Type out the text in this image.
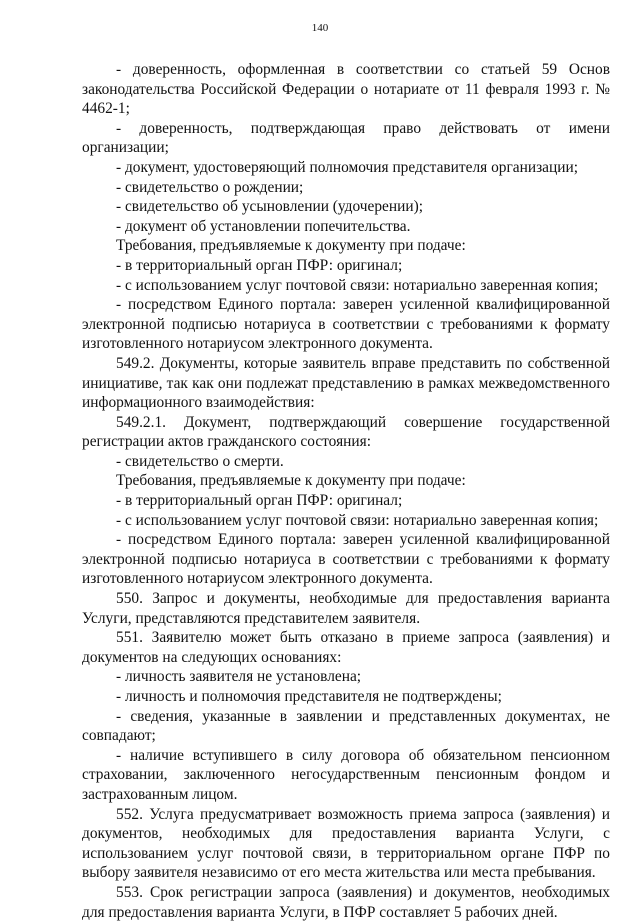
140

- доверенность, оформленная в соответствии со статьей 59 Основ законодательства Российской Федерации о нотариате от 11 февраля 1993 г. № 4462-1;

- доверенность, подтверждающая право действовать от имени организации;

- документ, удостоверяющий полномочия представителя организации;

- свидетельство о рождении;

- свидетельство об усыновлении (удочерении);

- документ об установлении попечительства.

Требования, предъявляемые к документу при подаче:

- в территориальный орган ПФР: оригинал;

- с использованием услуг почтовой связи: нотариально заверенная копия;

- посредством Единого портала: заверен усиленной квалифицированной электронной подписью нотариуса в соответствии с требованиями к формату изготовленного нотариусом электронного документа.

549.2. Документы, которые заявитель вправе представить по собственной инициативе, так как они подлежат представлению в рамках межведомственного информационного взаимодействия:

549.2.1. Документ, подтверждающий совершение государственной регистрации актов гражданского состояния:

- свидетельство о смерти.

Требования, предъявляемые к документу при подаче:

- в территориальный орган ПФР: оригинал;

- с использованием услуг почтовой связи: нотариально заверенная копия;

- посредством Единого портала: заверен усиленной квалифицированной электронной подписью нотариуса в соответствии с требованиями к формату изготовленного нотариусом электронного документа.

550. Запрос и документы, необходимые для предоставления варианта Услуги, представляются представителем заявителя.

551. Заявителю может быть отказано в приеме запроса (заявления) и документов на следующих основаниях:

- личность заявителя не установлена;

- личность и полномочия представителя не подтверждены;

- сведения, указанные в заявлении и представленных документах, не совпадают;

- наличие вступившего в силу договора об обязательном пенсионном страховании, заключенного негосударственным пенсионным фондом и застрахованным лицом.

552. Услуга предусматривает возможность приема запроса (заявления) и документов, необходимых для предоставления варианта Услуги, с использованием услуг почтовой связи, в территориальном органе ПФР по выбору заявителя независимо от его места жительства или места пребывания.

553. Срок регистрации запроса (заявления) и документов, необходимых для предоставления варианта Услуги, в ПФР составляет 5 рабочих дней.
